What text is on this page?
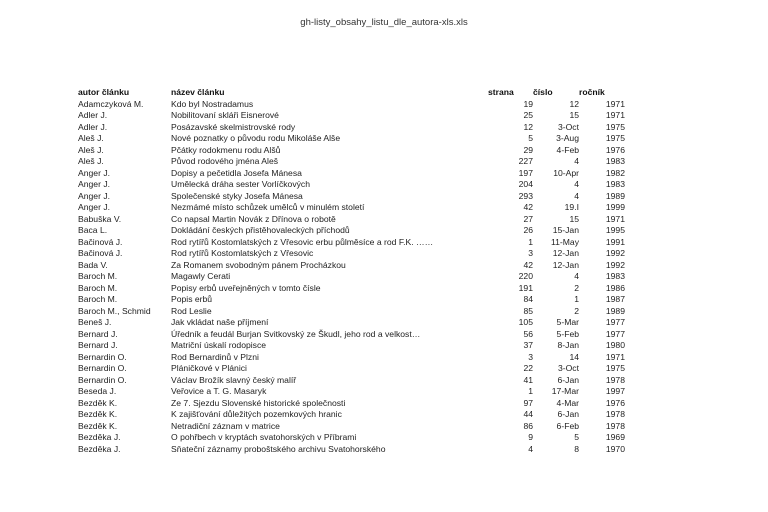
gh-listy_obsahy_listu_dle_autora-xls.xls
autor článku	název článku	strana	číslo	ročník
Adamczyková M.	Kdo byl Nostradamus	19	12	1971
Adler J.	Nobilitovaní skláři Eisnerové	25	15	1971
Adler J.	Posázavské skelmistrovské rody	12	3-Oct	1975
Aleš J.	Nové poznatky o původu rodu Mikoláše Alše	5	3-Aug	1975
Aleš J.	Pčátky rodokmenu rodu Alšů	29	4-Feb	1976
Aleš J.	Původ rodového jména Aleš	227	4	1983
Anger J.	Dopisy a pečetidla Josefa Mánesa	197	10-Apr	1982
Anger J.	Umělecká dráha sester Vorlíčkových	204	4	1983
Anger J.	Společenské styky Josefa Mánesa	293	4	1989
Anger J.	Nezmámé místo schůzek umělců v minulém století	42	19.I	1999
Babuška V.	Co napsal Martin Novák z Dřínova o robotě	27	15	1971
Baca L.	Dokládání českých přistěhovaleckých příchodů	26	15-Jan	1995
Bačinová J.	Rod rytířů Kostomlatských z Vřesovic erbu půlměsíce a rod F.K. ……	1	11-May	1991
Bačinová J.	Rod rytířů Kostomlatských z Vřesovic	3	12-Jan	1992
Bada V.	Za Romanem svobodným pánem Procházkou	42	12-Jan	1992
Baroch M.	Magawly Cerati	220	4	1983
Baroch M.	Popisy erbů uveřejněných v tomto čísle	191	2	1986
Baroch M.	Popis erbů	84	1	1987
Baroch M., Schmid	Rod Leslie	85	2	1989
Beneš J.	Jak vkládat naše příjmení	105	5-Mar	1977
Bernard J.	Úředník a feudál Burjan Svitkovský ze Škudl, jeho rod a velkost…	56	5-Feb	1977
Bernard J.	Matriční úskalí rodopisce	37	8-Jan	1980
Bernardin O.	Rod Bernardinů v Plzni	3	14	1971
Bernardin O.	Pláničkové v Plánici	22	3-Oct	1975
Bernardin O.	Václav Brožík slavný český malíř	41	6-Jan	1978
Beseda J.	Veřovice a T. G. Masaryk	1	17-Mar	1997
Bezděk K.	Ze 7. Sjezdu Slovenské historické společnosti	97	4-Mar	1976
Bezděk K.	K zajišťování důležitých pozemkových hranic	44	6-Jan	1978
Bezděk K.	Netradiční záznam v matrice	86	6-Feb	1978
Bezděka J.	O pohřbech v kryptách svatohorských v Příbrami	9	5	1969
Bezděka J.	Sňateční záznamy proboštského archivu Svatohorského	4	8	1970
